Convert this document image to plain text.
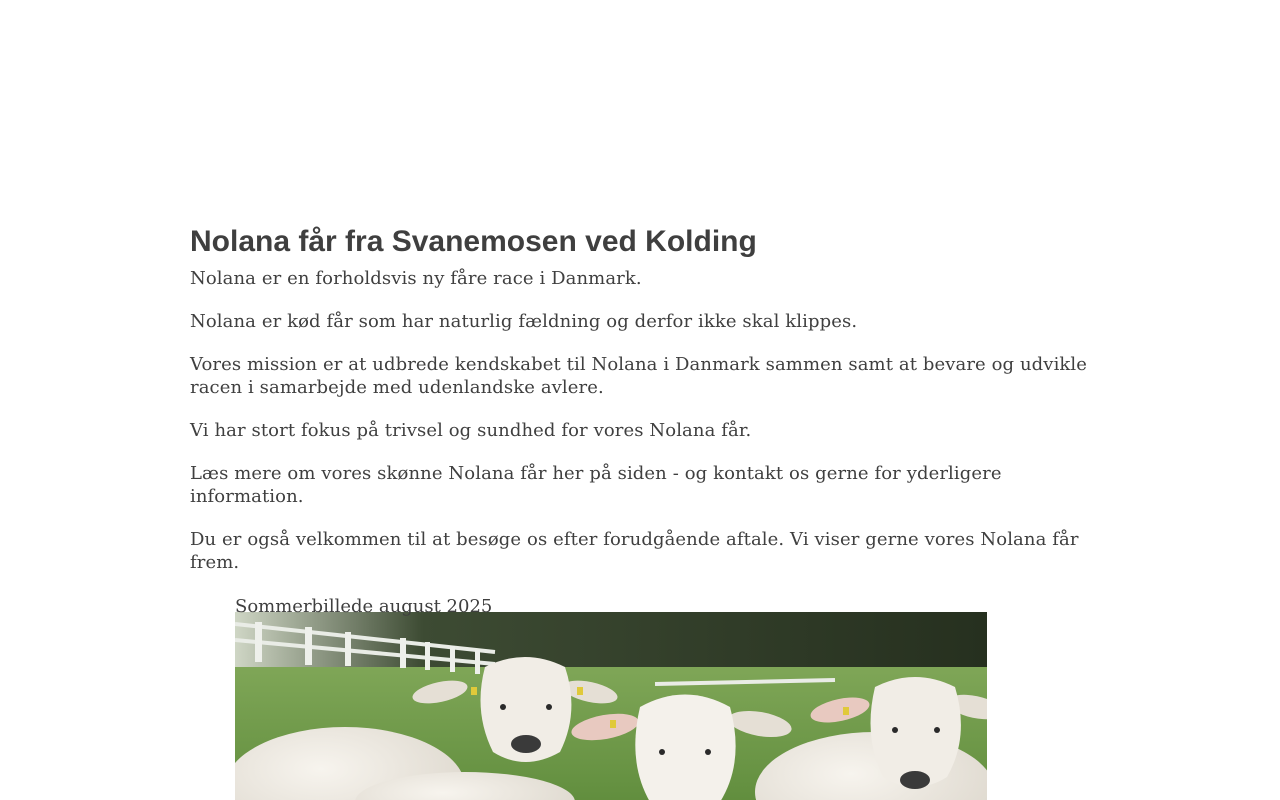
Nolana får fra Svanemosen ved Kolding

Nolana er en forholdsvis ny fåre race i Danmark.

Nolana er kød får som har naturlig fældning og derfor ikke skal klippes.

Vores mission er at udbrede kendskabet til Nolana i Danmark sammen samt at bevare og udvikle racen i samarbejde med udenlandske avlere.

Vi har stort fokus på trivsel og sundhed for vores Nolana får.

Læs mere om vores skønne Nolana får her på siden - og kontakt os gerne for yderligere information.

Du er også velkommen til at besøge os efter forudgående aftale. Vi viser gerne vores Nolana får frem.

Sommerbillede august 2025
